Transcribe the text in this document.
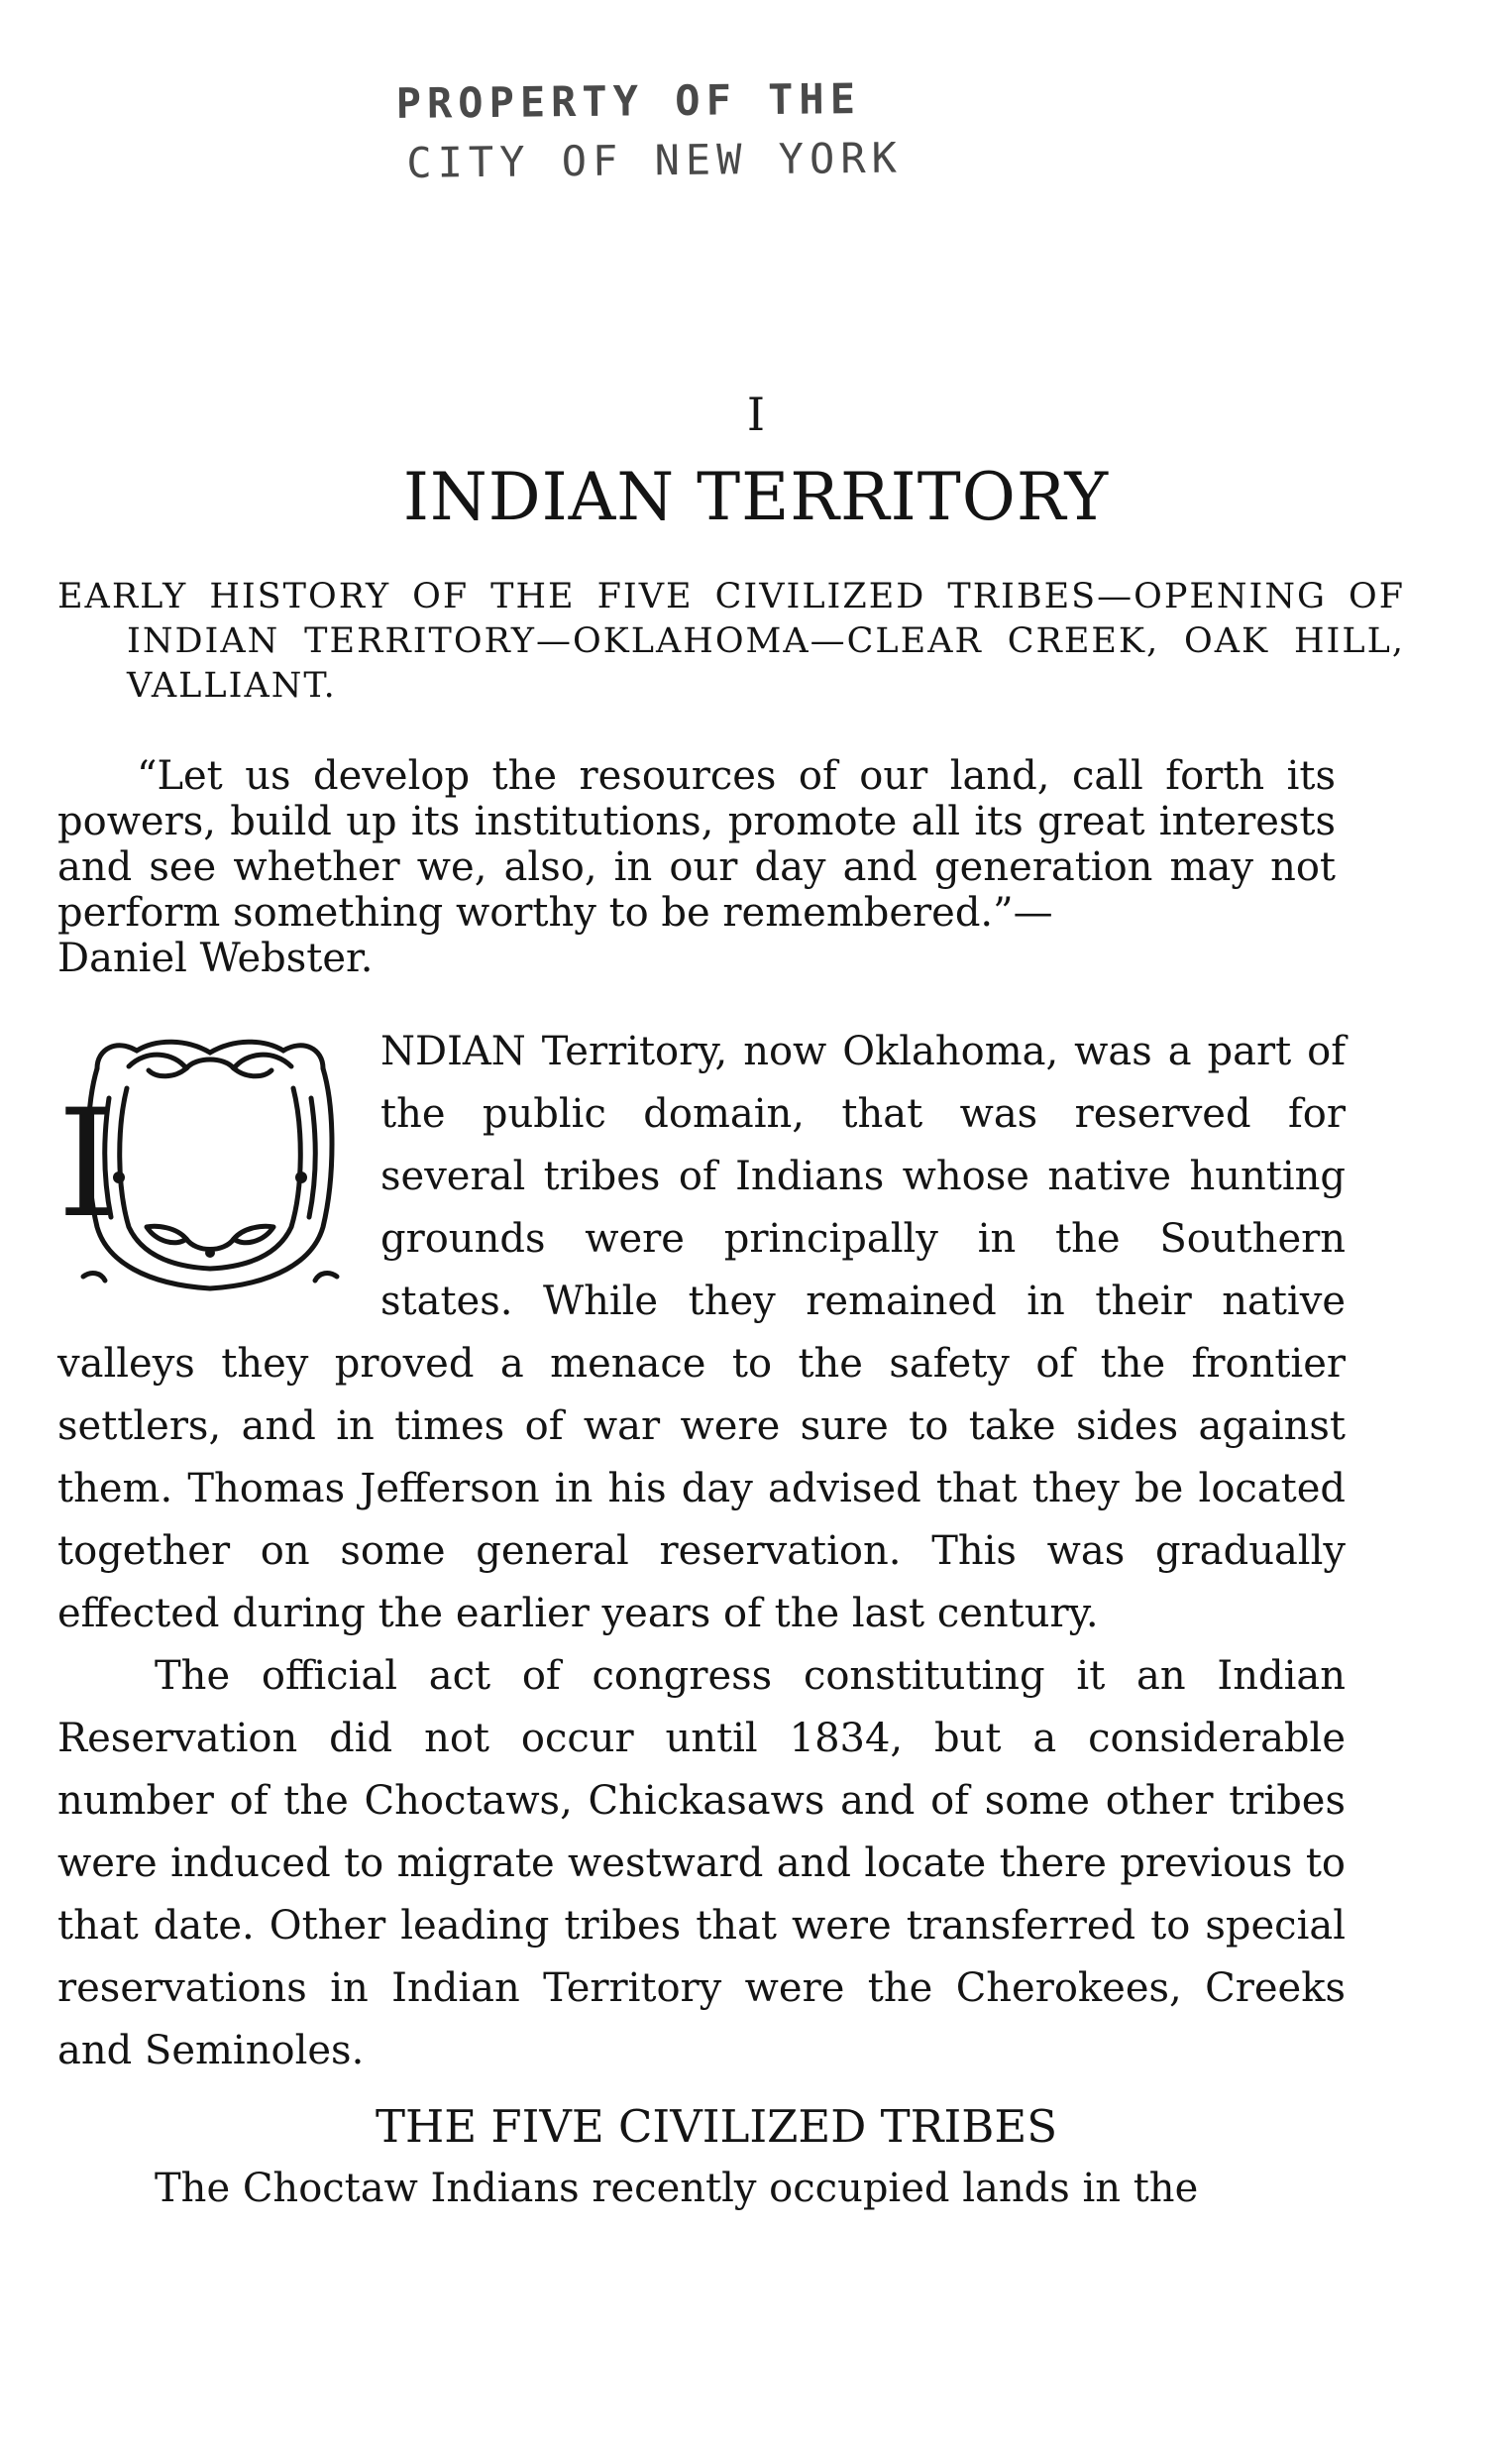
PROPERTY OF THE
CITY OF NEW YORK
I
INDIAN TERRITORY
EARLY HISTORY OF THE FIVE CIVILIZED TRIBES—OPENING OF INDIAN TERRITORY—OKLAHOMA—CLEAR CREEK, OAK HILL, VALLIANT.
“Let us develop the resources of our land, call forth its powers, build up its institutions, promote all its great interests and see whether we, also, in our day and generation may not perform something worthy to be remembered.”—
Daniel Webster.
I

NDIAN Territory, now Oklahoma, was a part of the public domain, that was reserved for several tribes of Indians whose native hunting grounds were principally in the Southern states. While they remained in their native valleys they proved a menace to the safety of the frontier settlers, and in times of war were sure to take sides against them. Thomas Jefferson in his day advised that they be located together on some general reservation. This was gradually effected during the earlier years of the last century.

The official act of congress constituting it an Indian Reservation did not occur until 1834, but a considerable number of the Choctaws, Chickasaws and of some other tribes were induced to migrate westward and locate there previous to that date. Other leading tribes that were transferred to special reservations in Indian Territory were the Cherokees, Creeks and Seminoles.

THE FIVE CIVILIZED TRIBES

The Choctaw Indians recently occupied lands in the
